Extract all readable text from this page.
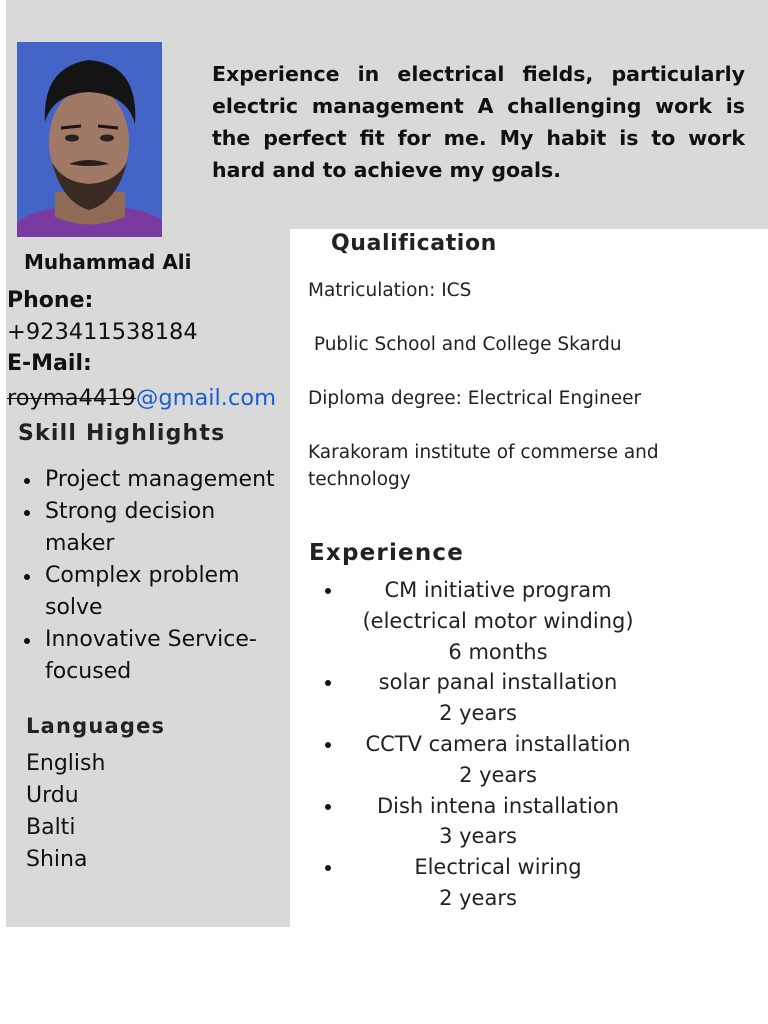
Experience in electrical fields, particularly electric management A challenging work is the perfect fit for me. My habit is to work hard and to achieve my goals.
Muhammad Ali
Phone:
+923411538184
E-Mail:
royma4419@gmail.com
Skill Highlights
Project management
Strong decision maker
Complex problem solve
Innovative Service-focused
Languages
English
Urdu
Balti
Shina
Qualification
Matriculation: ICS
Public School and College Skardu
Diploma degree: Electrical Engineer
Karakoram institute of commerse and technology
Experience
CM initiative program (electrical motor winding)
6 months
solar panal installation
2 years
CCTV camera installation
2 years
Dish intena installation
3 years
Electrical wiring
2 years
